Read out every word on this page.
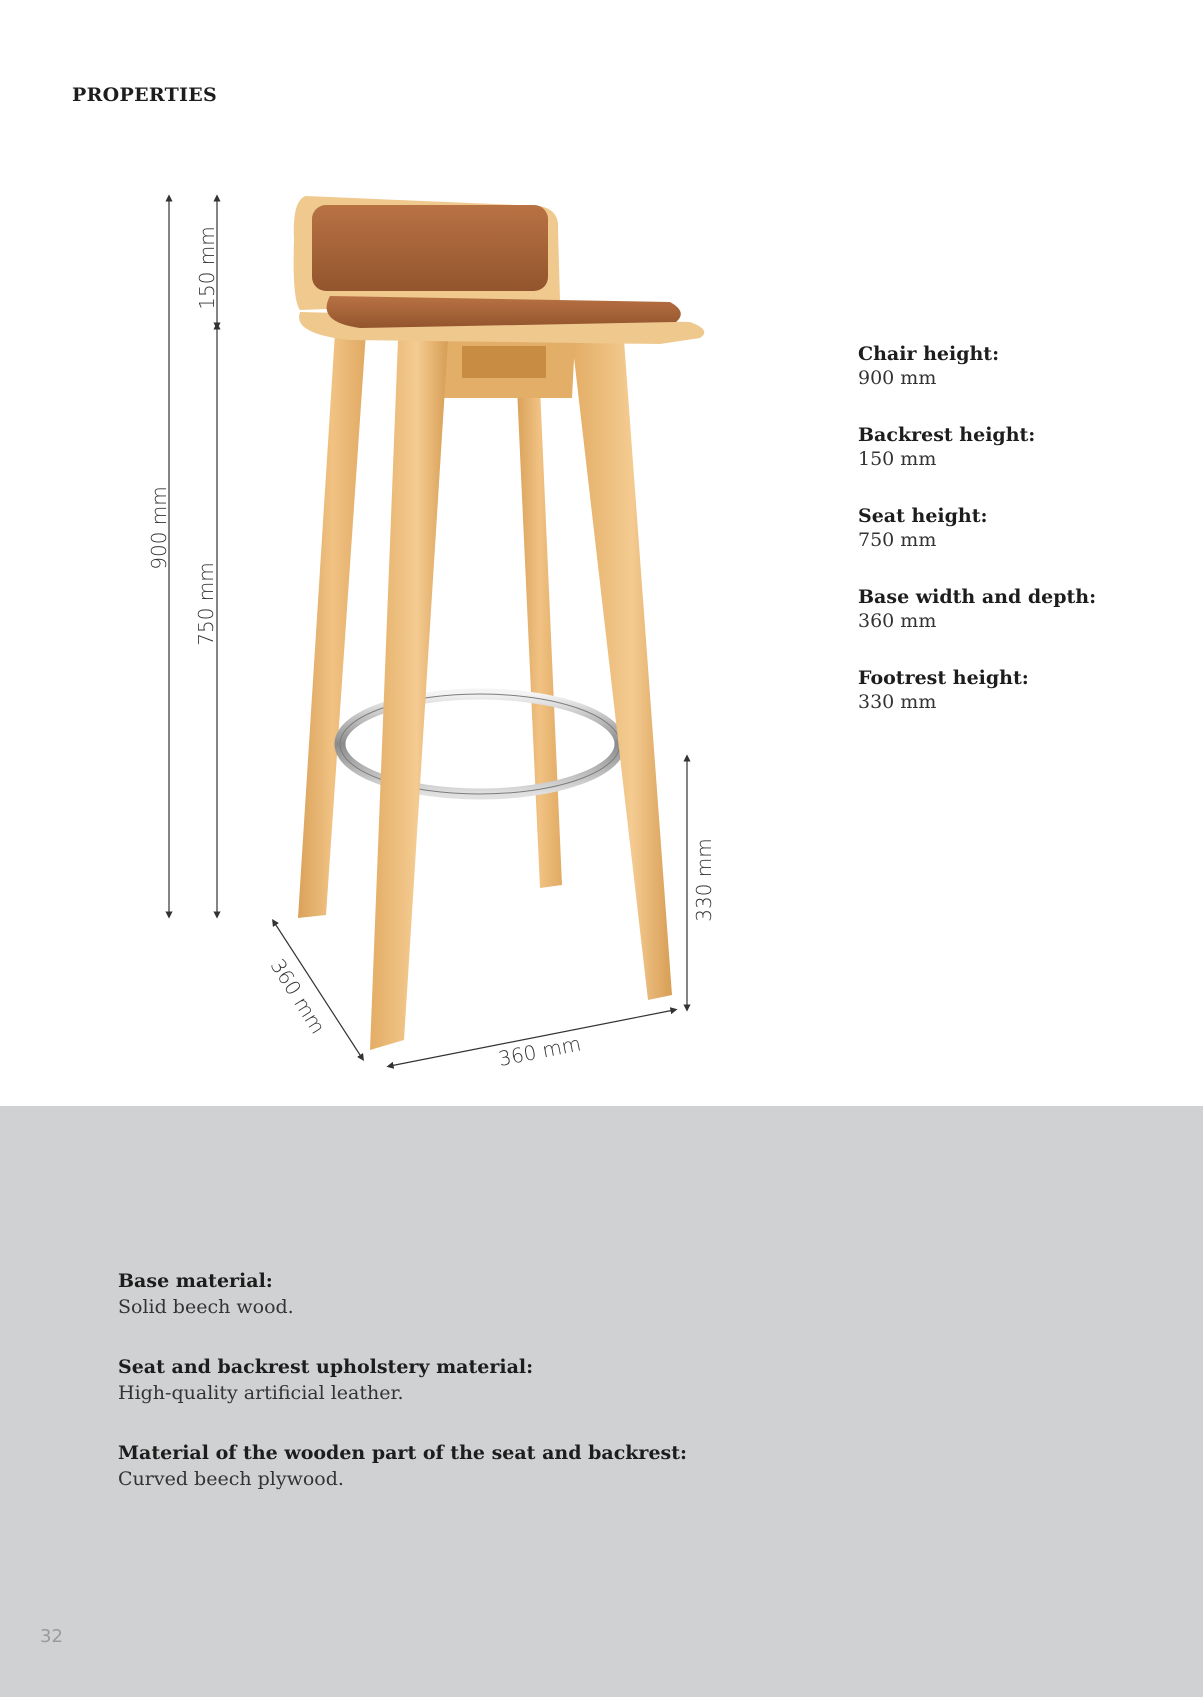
PROPERTIES
900 mm
150 mm
750 mm
360 mm
360 mm
330 mm
Chair height:
900 mm
Backrest height:
150 mm
Seat height:
750 mm
Base width and depth:
360 mm
Footrest height:
330 mm
Base material:
Solid beech wood.
Seat and backrest upholstery material:
High-quality artificial leather.
Material of the wooden part of the seat and backrest:
Curved beech plywood.
32
